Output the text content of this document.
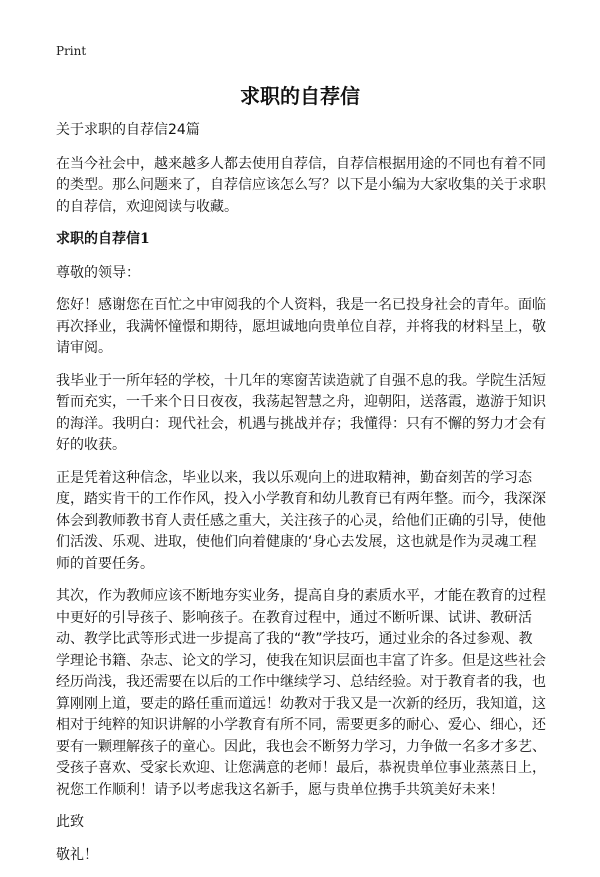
Print
求职的自荐信

关于求职的自荐信24篇

在当今社会中，越来越多人都去使用自荐信，自荐信根据用途的不同也有着不同的类型。那么问题来了，自荐信应该怎么写？以下是小编为大家收集的关于求职的自荐信，欢迎阅读与收藏。

求职的自荐信1

尊敬的领导：

您好！感谢您在百忙之中审阅我的个人资料，我是一名已投身社会的青年。面临再次择业，我满怀憧憬和期待，愿坦诚地向贵单位自荐，并将我的材料呈上，敬请审阅。

我毕业于一所年轻的学校，十几年的寒窗苦读造就了自强不息的我。学院生活短暂而充实，一千来个日日夜夜，我荡起智慧之舟，迎朝阳，送落霞，遨游于知识的海洋。我明白：现代社会，机遇与挑战并存；我懂得：只有不懈的努力才会有好的收获。

正是凭着这种信念，毕业以来，我以乐观向上的进取精神，勤奋刻苦的学习态度，踏实肯干的工作作风，投入小学教育和幼儿教育已有两年整。而今，我深深体会到教师教书育人责任感之重大，关注孩子的心灵，给他们正确的引导，使他们活泼、乐观、进取，使他们向着健康的‘身心去发展，这也就是作为灵魂工程师的首要任务。

其次，作为教师应该不断地夯实业务，提高自身的素质水平，才能在教育的过程中更好的引导孩子、影响孩子。在教育过程中，通过不断听课、试讲、教研活动、教学比武等形式进一步提高了我的“教”学技巧，通过业余的各过参观、教学理论书籍、杂志、论文的学习，使我在知识层面也丰富了许多。但是这些社会经历尚浅，我还需要在以后的工作中继续学习、总结经验。对于教育者的我，也算刚刚上道，要走的路任重而道远！幼教对于我又是一次新的经历，我知道，这相对于纯粹的知识讲解的小学教育有所不同，需要更多的耐心、爱心、细心，还要有一颗理解孩子的童心。因此，我也会不断努力学习，力争做一名多才多艺、受孩子喜欢、受家长欢迎、让您满意的老师！最后，恭祝贵单位事业蒸蒸日上，祝您工作顺利！请予以考虑我这名新手，愿与贵单位携手共筑美好未来！

此致

敬礼！
